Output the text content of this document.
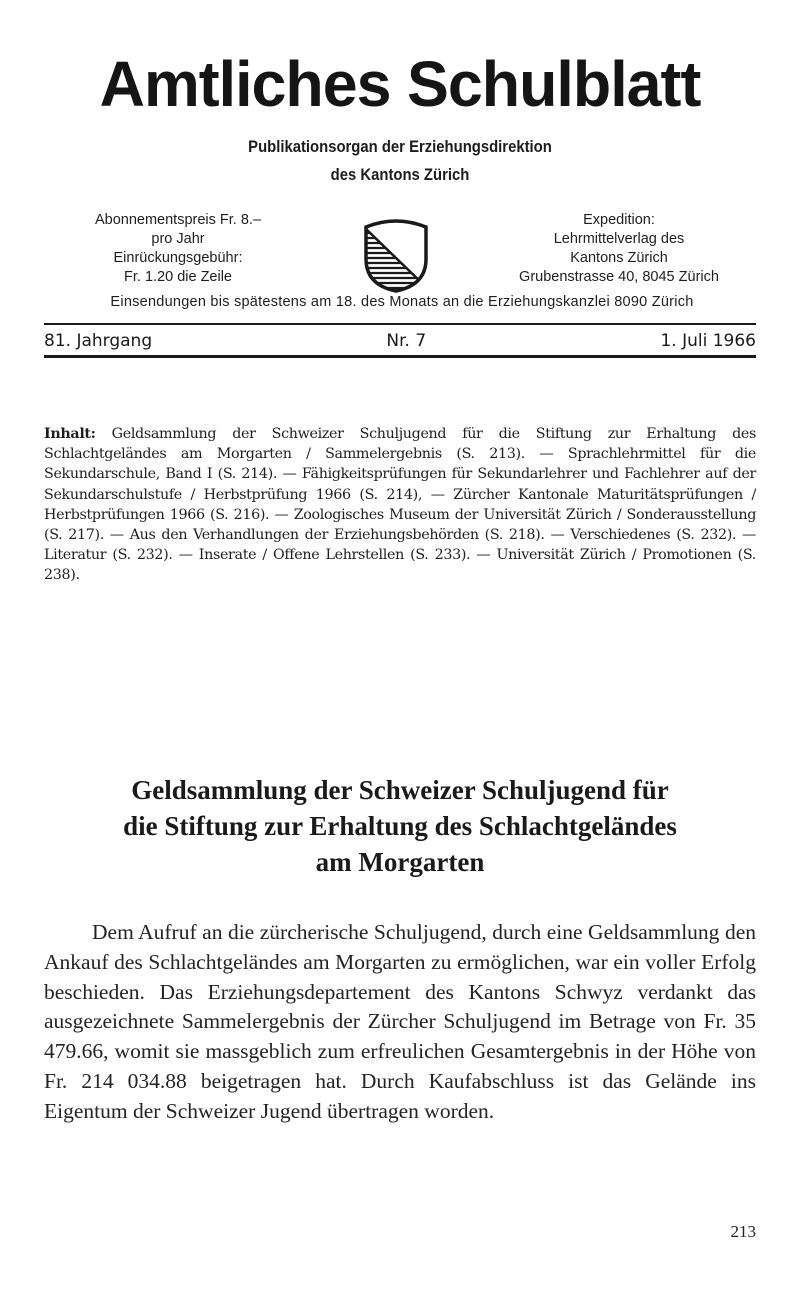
Amtliches Schulblatt
Publikationsorgan der Erziehungsdirektion
des Kantons Zürich
Abonnementspreis Fr. 8.–
pro Jahr
Einrückungsgebühr:
Fr. 1.20 die Zeile
Expedition:
Lehrmittelverlag des
Kantons Zürich
Grubenstrasse 40, 8045 Zürich
Einsendungen bis spätestens am 18. des Monats an die Erziehungskanzlei 8090 Zürich
81. Jahrgang	Nr. 7	1. Juli 1966
Inhalt: Geldsammlung der Schweizer Schuljugend für die Stiftung zur Erhaltung des Schlachtgeländes am Morgarten / Sammelergebnis (S. 213). — Sprachlehrmittel für die Sekundarschule, Band I (S. 214). — Fähigkeitsprüfungen für Sekundarlehrer und Fachlehrer auf der Sekundarschulstufe / Herbstprüfung 1966 (S. 214), — Zürcher Kantonale Maturitätsprüfungen / Herbstprüfungen 1966 (S. 216). — Zoologisches Museum der Universität Zürich / Sonderausstellung (S. 217). — Aus den Verhandlungen der Erziehungsbehörden (S. 218). — Verschiedenes (S. 232). — Literatur (S. 232). — Inserate / Offene Lehrstellen (S. 233). — Universität Zürich / Promotionen (S. 238).
Geldsammlung der Schweizer Schuljugend für
die Stiftung zur Erhaltung des Schlachtgeländes
am Morgarten
Dem Aufruf an die zürcherische Schuljugend, durch eine Geldsammlung den Ankauf des Schlachtgeländes am Morgarten zu ermöglichen, war ein voller Erfolg beschieden. Das Erziehungsdepartement des Kantons Schwyz verdankt das ausgezeichnete Sammelergebnis der Zürcher Schuljugend im Betrage von Fr. 35 479.66, womit sie massgeblich zum erfreulichen Gesamtergebnis in der Höhe von Fr. 214 034.88 beigetragen hat. Durch Kaufabschluss ist das Gelände ins Eigentum der Schweizer Jugend übertragen worden.
213
